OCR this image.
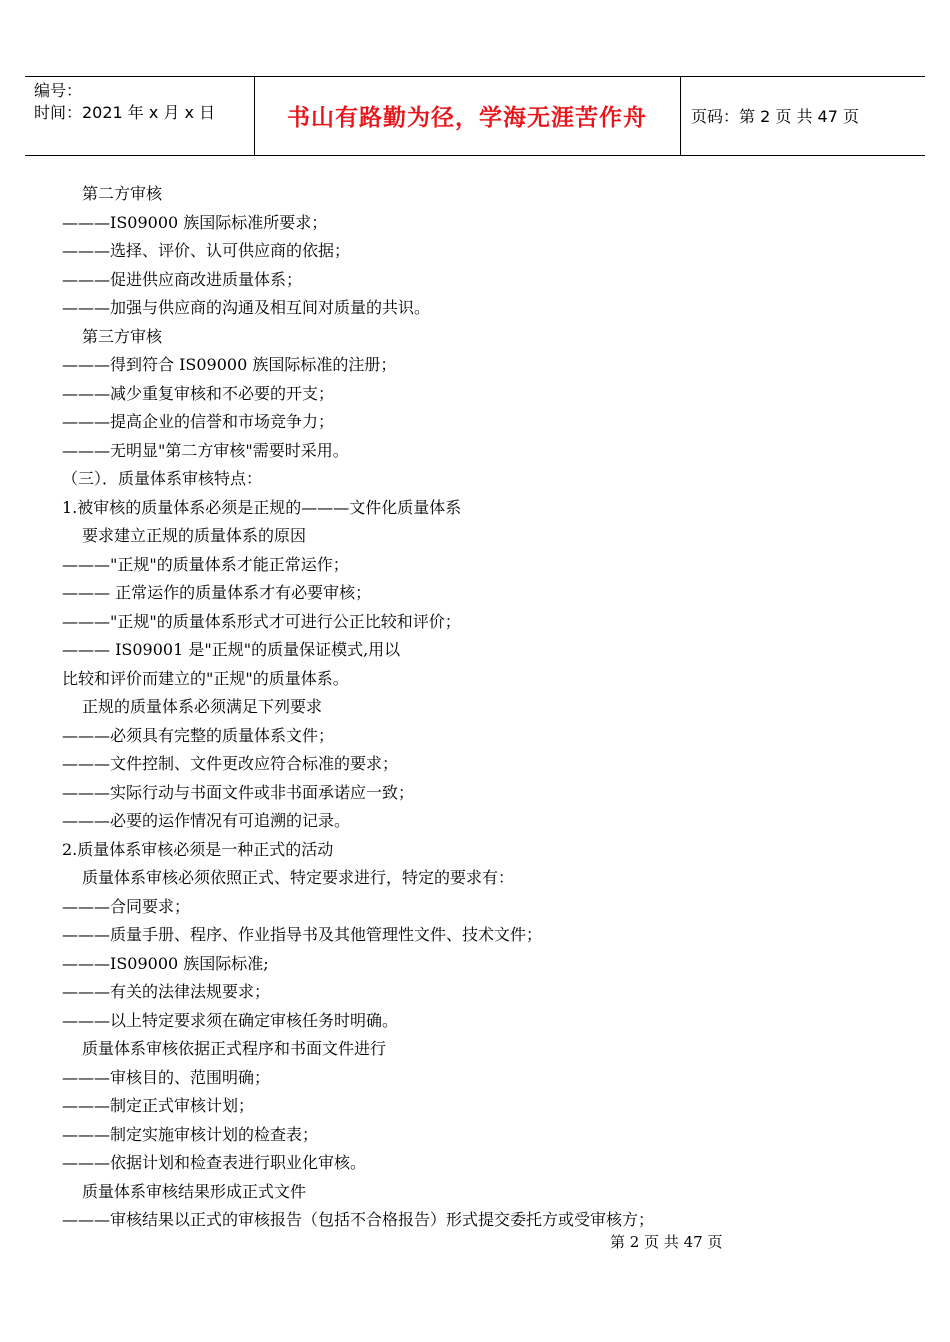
编号：
时间：2021 年 x 月 x 日	书山有路勤为径，学海无涯苦作舟	页码：第 2 页 共 47 页
第二方审核
———IS09000 族国际标准所要求；
———选择、评价、认可供应商的依据；
———促进供应商改进质量体系；
———加强与供应商的沟通及相互间对质量的共识。
第三方审核
———得到符合 IS09000 族国际标准的注册；
———减少重复审核和不必要的开支；
———提高企业的信誉和市场竞争力；
———无明显"第二方审核"需要时采用。
（三）．质量体系审核特点：
1.被审核的质量体系必须是正规的———文件化质量体系
要求建立正规的质量体系的原因
———"正规"的质量体系才能正常运作；
——— 正常运作的质量体系才有必要审核；
———"正规"的质量体系形式才可进行公正比较和评价；
——— IS09001 是"正规"的质量保证模式,用以
比较和评价而建立的"正规"的质量体系。
正规的质量体系必须满足下列要求
———必须具有完整的质量体系文件；
———文件控制、文件更改应符合标准的要求；
———实际行动与书面文件或非书面承诺应一致；
———必要的运作情况有可追溯的记录。
2.质量体系审核必须是一种正式的活动
质量体系审核必须依照正式、特定要求进行，特定的要求有：
———合同要求；
———质量手册、程序、作业指导书及其他管理性文件、技术文件；
———IS09000 族国际标准;
———有关的法律法规要求；
———以上特定要求须在确定审核任务时明确。
质量体系审核依据正式程序和书面文件进行
———审核目的、范围明确；
———制定正式审核计划；
———制定实施审核计划的检查表；
———依据计划和检查表进行职业化审核。
质量体系审核结果形成正式文件
———审核结果以正式的审核报告（包括不合格报告）形式提交委托方或受审核方；
第 2 页 共 47 页
